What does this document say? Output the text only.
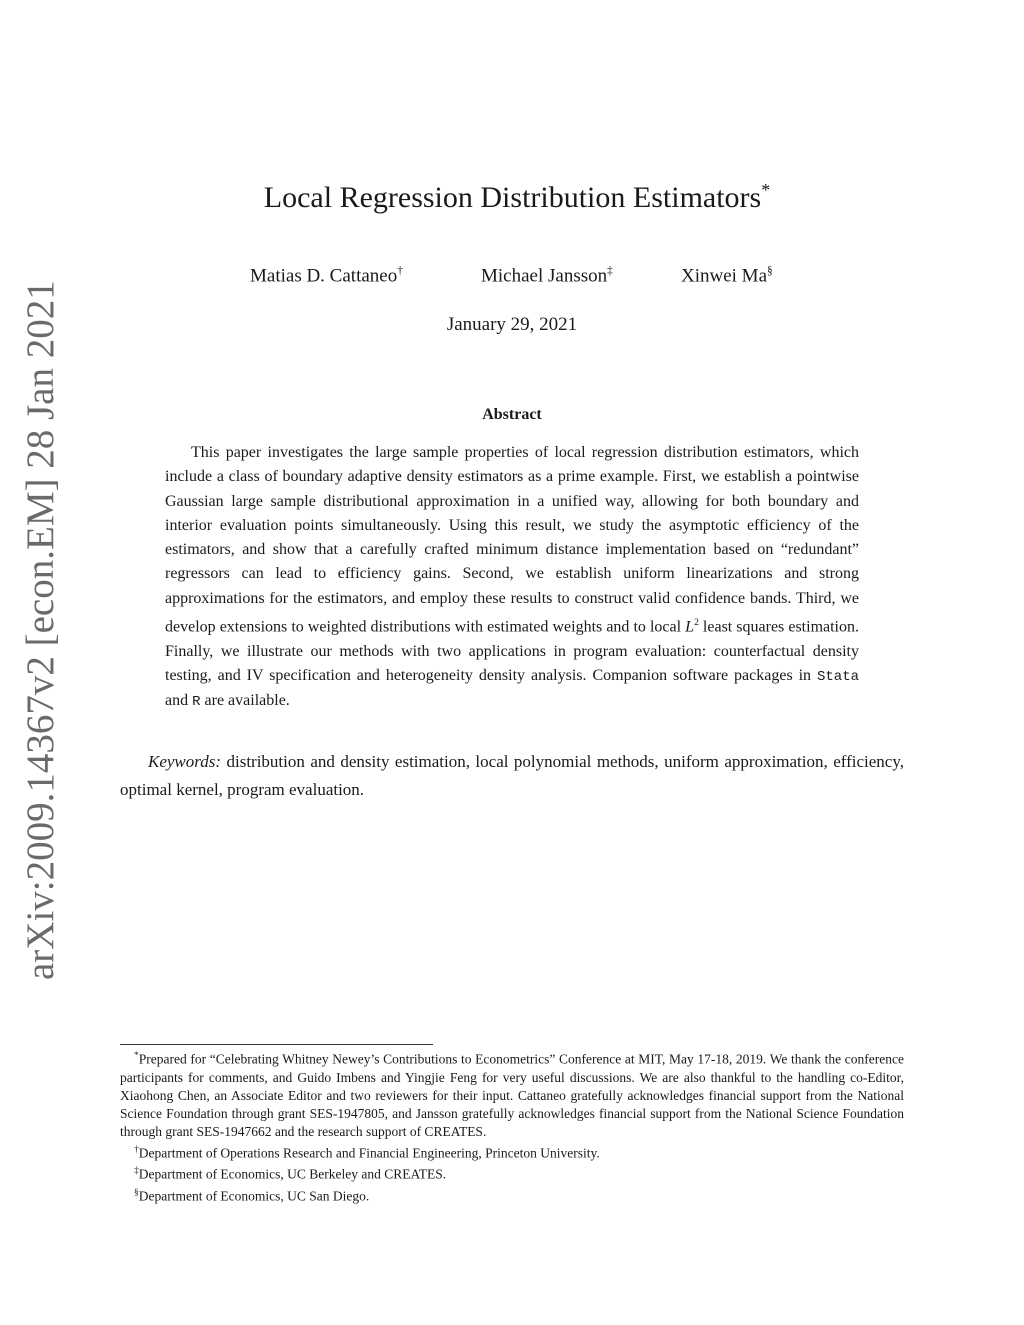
arXiv:2009.14367v2 [econ.EM] 28 Jan 2021
Local Regression Distribution Estimators*
Matias D. Cattaneo†	Michael Jansson‡	Xinwei Ma§
January 29, 2021
Abstract
This paper investigates the large sample properties of local regression distribution estimators, which include a class of boundary adaptive density estimators as a prime example. First, we establish a pointwise Gaussian large sample distributional approximation in a unified way, allowing for both boundary and interior evaluation points simultaneously. Using this result, we study the asymptotic efficiency of the estimators, and show that a carefully crafted minimum distance implementation based on “redundant” regressors can lead to efficiency gains. Second, we establish uniform linearizations and strong approximations for the estimators, and employ these results to construct valid confidence bands. Third, we develop extensions to weighted distributions with estimated weights and to local $L^2$ least squares estimation. Finally, we illustrate our methods with two applications in program evaluation: counterfactual density testing, and IV specification and heterogeneity density analysis. Companion software packages in Stata and R are available.
Keywords: distribution and density estimation, local polynomial methods, uniform approximation, efficiency, optimal kernel, program evaluation.

*Prepared for “Celebrating Whitney Newey’s Contributions to Econometrics” Conference at MIT, May 17-18, 2019. We thank the conference participants for comments, and Guido Imbens and Yingjie Feng for very useful discussions. We are also thankful to the handling co-Editor, Xiaohong Chen, an Associate Editor and two reviewers for their input. Cattaneo gratefully acknowledges financial support from the National Science Foundation through grant SES-1947805, and Jansson gratefully acknowledges financial support from the National Science Foundation through grant SES-1947662 and the research support of CREATES.

†Department of Operations Research and Financial Engineering, Princeton University.

‡Department of Economics, UC Berkeley and CREATES.

§Department of Economics, UC San Diego.
